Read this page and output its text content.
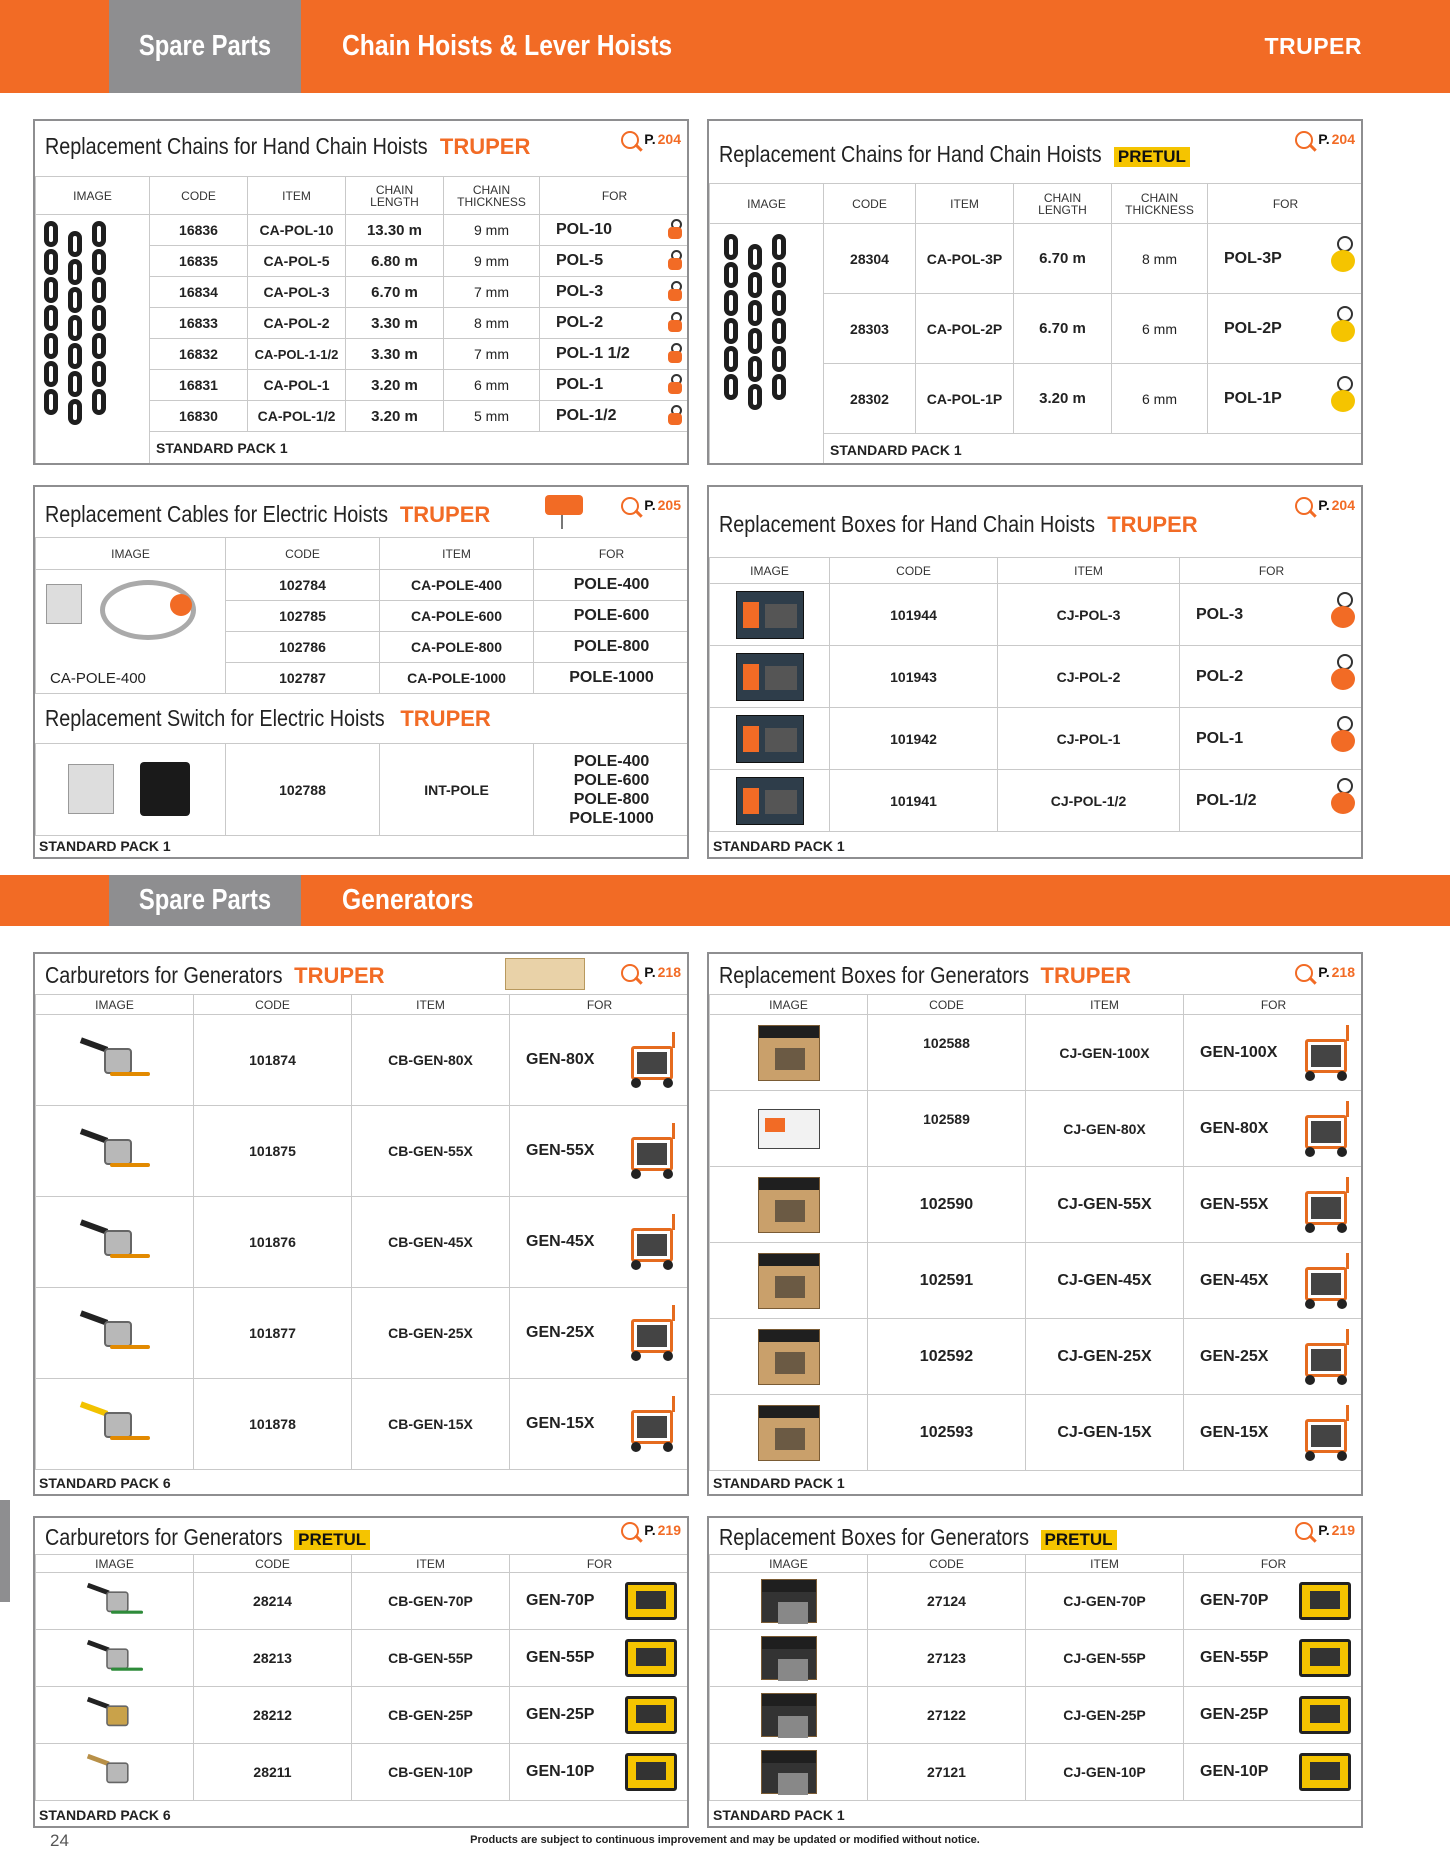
Spare Parts	Chain Hoists & Lever Hoists	TRUPER
Replacement Chains for Hand Chain Hoists TRUPER	P. 204
IMAGE	CODE	ITEM	CHAIN LENGTH	CHAIN THICKNESS	FOR

	16836	CA-POL-10	13.30 m	9 mm	POL-10

	16835	CA-POL-5	6.80 m	9 mm	POL-5

	16834	CA-POL-3	6.70 m	7 mm	POL-3

	16833	CA-POL-2	3.30 m	8 mm	POL-2

	16832	CA-POL-1-1/2	3.30 m	7 mm	POL-1 1/2

	16831	CA-POL-1	3.20 m	6 mm	POL-1

	16830	CA-POL-1/2	3.20 m	5 mm	POL-1/2

	STANDARD PACK 1				
Replacement Chains for Hand Chain Hoists PRETUL
P. 204
IMAGE	CODE	ITEM	CHAIN LENGTH	CHAIN THICKNESS	FOR

	28304	CA-POL-3P	6.70 m	8 mm	POL-3P

	28303	CA-POL-2P	6.70 m	6 mm	POL-2P

	28302	CA-POL-1P	3.20 m	6 mm	POL-1P

	STANDARD PACK 1				
Replacement Cables for Electric Hoists TRUPER	P. 205
IMAGE	CODE	ITEM	FOR

CA-POLE-400	102784	CA-POLE-400	POLE-400
	102785	CA-POLE-600	POLE-600
	102786	CA-POLE-800	POLE-800
	102787	CA-POLE-1000	POLE-1000
Replacement Switch for Electric Hoists TRUPER			

	102788	INT-POLE	POLE-400
POLE-600
POLE-800
POLE-1000
STANDARD PACK 1
Replacement Boxes for Hand Chain Hoists TRUPER
P. 204
IMAGE	CODE	ITEM	FOR

	101944	CJ-POL-3	POL-3

	101943	CJ-POL-2	POL-2

	101942	CJ-POL-1	POL-1

	101941	CJ-POL-1/2	POL-1/2
STANDARD PACK 1
Spare Parts	Generators
Carburetors for Generators TRUPER	P. 218
IMAGE	CODE	ITEM	FOR

	101874	CB-GEN-80X	GEN-80X

	101875	CB-GEN-55X	GEN-55X

	101876	CB-GEN-45X	GEN-45X

	101877	CB-GEN-25X	GEN-25X

	101878	CB-GEN-15X	GEN-15X
STANDARD PACK 6
Replacement Boxes for Generators TRUPER	P. 218
IMAGE	CODE	ITEM	FOR

	102588	CJ-GEN-100X	GEN-100X

	102589	CJ-GEN-80X	GEN-80X

	102590	CJ-GEN-55X	GEN-55X

	102591	CJ-GEN-45X	GEN-45X

	102592	CJ-GEN-25X	GEN-25X

	102593	CJ-GEN-15X	GEN-15X
STANDARD PACK 1
Carburetors for Generators PRETUL	P. 219
IMAGE	CODE	ITEM	FOR

	28214	CB-GEN-70P	GEN-70P

	28213	CB-GEN-55P	GEN-55P

	28212	CB-GEN-25P	GEN-25P

	28211	CB-GEN-10P	GEN-10P
STANDARD PACK 6
Replacement Boxes for Generators PRETUL	P. 219
IMAGE	CODE	ITEM	FOR

	27124	CJ-GEN-70P	GEN-70P

	27123	CJ-GEN-55P	GEN-55P

	27122	CJ-GEN-25P	GEN-25P

	27121	CJ-GEN-10P	GEN-10P
STANDARD PACK 1
24	Products are subject to continuous improvement and may be updated or modified without notice.
